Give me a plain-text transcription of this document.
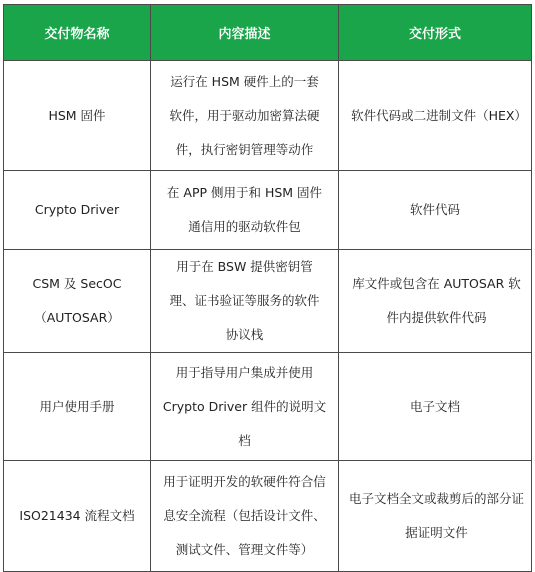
交付物名称	内容描述	交付形式
HSM 固件	运行在 HSM 硬件上的一套软件，用于驱动加密算法硬件，执行密钥管理等动作	软件代码或二进制文件（HEX）
Crypto Driver	在 APP 侧用于和 HSM 固件通信用的驱动软件包	软件代码
CSM 及 SecOC （AUTOSAR）	用于在 BSW 提供密钥管理、证书验证等服务的软件协议栈	库文件或包含在 AUTOSAR 软件内提供软件代码
用户使用手册	用于指导用户集成并使用 Crypto Driver 组件的说明文档	电子文档
ISO21434 流程文档	用于证明开发的软硬件符合信息安全流程（包括设计文件、测试文件、管理文件等）	电子文档全文或裁剪后的部分证据证明文件
